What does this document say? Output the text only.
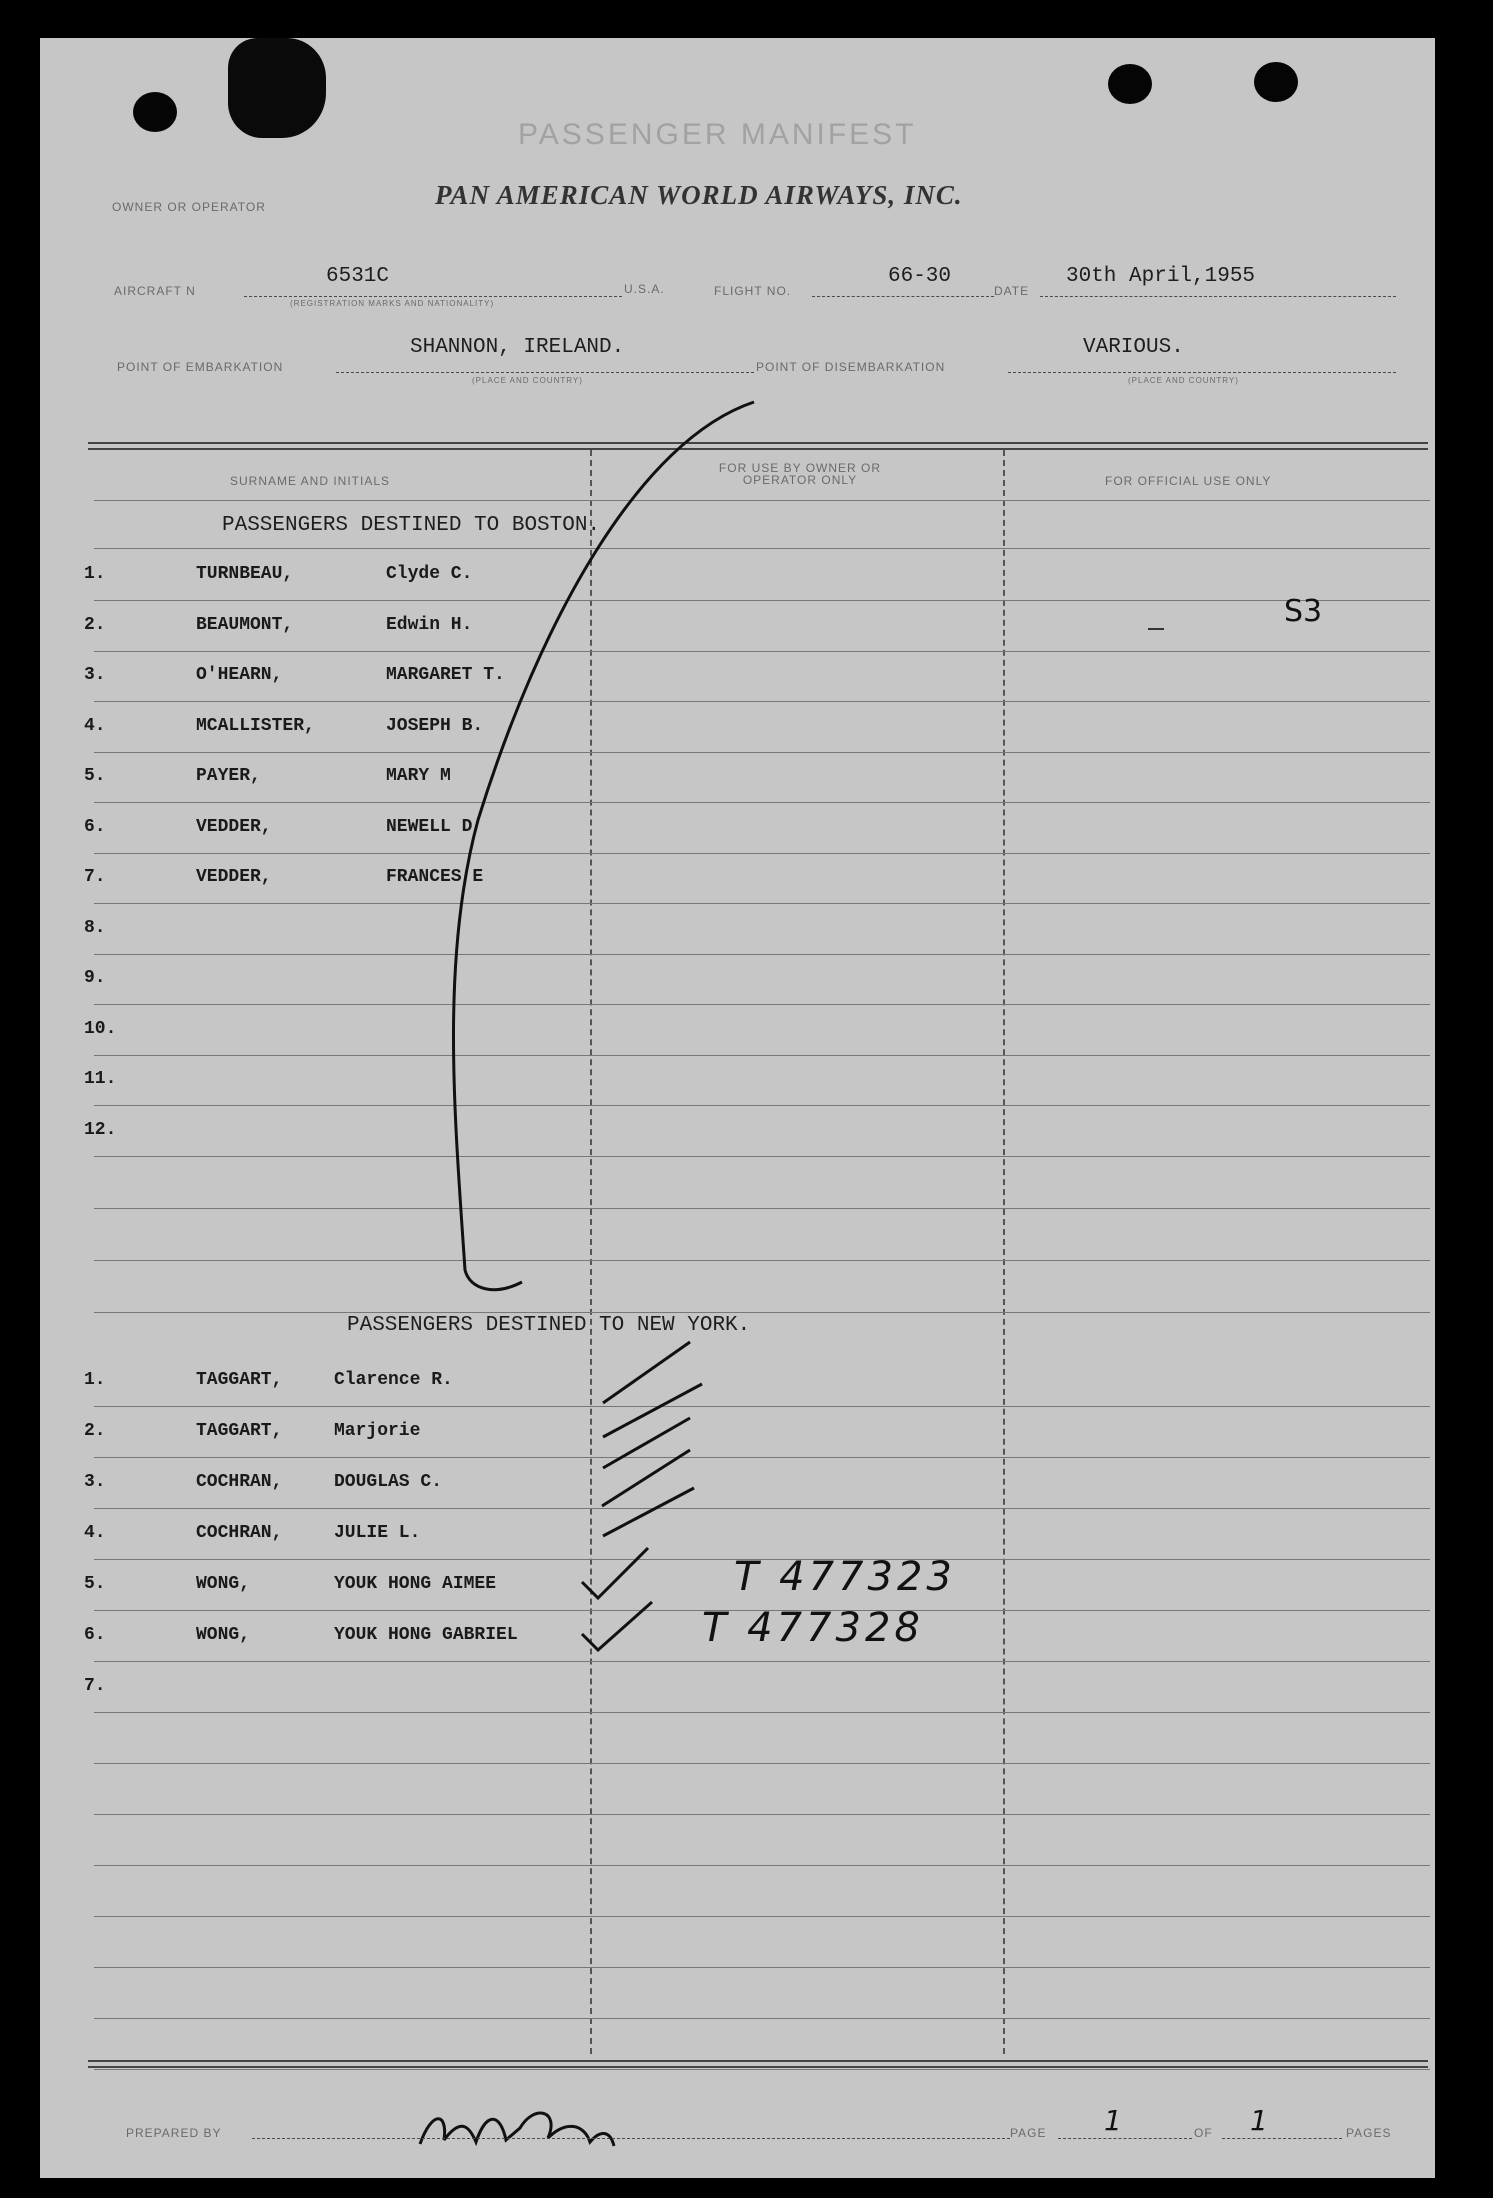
PASSENGER MANIFEST
OWNER OR OPERATOR	PAN AMERICAN WORLD AIRWAYS, INC.
AIRCRAFT N
6531C
(REGISTRATION MARKS AND NATIONALITY)
U.S.A.	FLIGHT NO.
66-30
DATE
30th April,1955
POINT OF EMBARKATION
SHANNON, IRELAND.
(PLACE AND COUNTRY)
POINT OF DISEMBARKATION
VARIOUS.
(PLACE AND COUNTRY)
SURNAME AND INITIALS
FOR USE BY OWNER OR OPERATOR ONLY	FOR OFFICIAL USE ONLY
PASSENGERS DESTINED TO BOSTON.
1.	TURNBEAU,	Clyde C.
2.	BEAUMONT,	Edwin H.
3.	O'HEARN,	MARGARET T.
4.	MCALLISTER,	JOSEPH B.
5.	PAYER,	MARY M
6.	VEDDER,	NEWELL D
7.	VEDDER,	FRANCES E
8.
9.
10.
11.
12.
S3
PASSENGERS DESTINED TO NEW YORK.
1.	TAGGART,	Clarence R.
2.	TAGGART,	Marjorie
3.	COCHRAN,	DOUGLAS C.
4.	COCHRAN,	JULIE L.
5.	WONG,	YOUK HONG AIMEE	T 477323
6.	WONG,	YOUK HONG GABRIEL	T 477328
7.
PREPARED BY	PAGE 1	OF 1	PAGES
